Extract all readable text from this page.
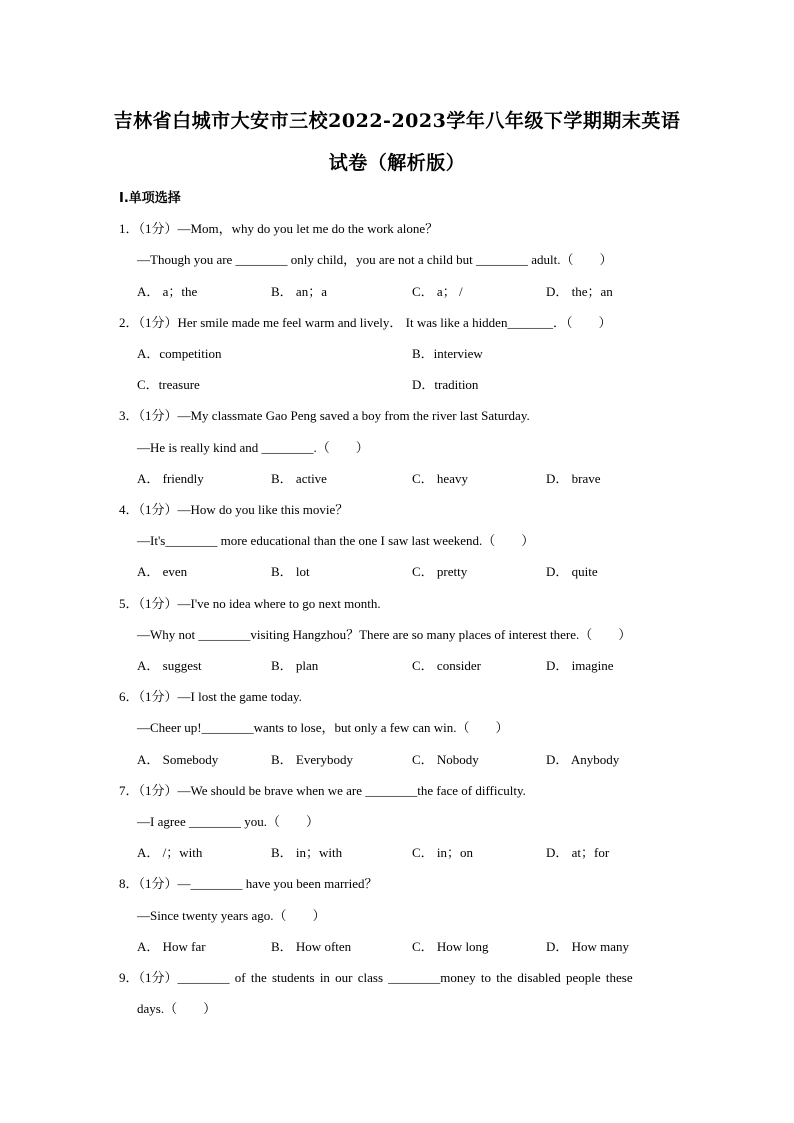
吉林省白城市大安市三校2022-2023学年八年级下学期期末英语
试卷（解析版）
I.单项选择
1．（1分）—Mom，why do you let me do the work alone？
—Though you are ________ only child，you are not a child but ________ adult.（　　）
A． a；the	B． an；a	C． a； /	D． the；an
2．（1分）Her smile made me feel warm and lively． It was like a hidden_______．（　　）
A．competition	B．interview
C．treasure	D．tradition
3．（1分）—My classmate Gao Peng saved a boy from the river last Saturday.
—He is really kind and ________.（　　）
A． friendly	B． active	C． heavy	D． brave
4．（1分）—How do you like this movie？
—It's________ more educational than the one I saw last weekend.（　　）
A． even	B． lot	C． pretty	D． quite
5．（1分）—I've no idea where to go next month.
—Why not ________visiting Hangzhou？There are so many places of interest there.（　　）
A． suggest	B． plan	C． consider	D． imagine
6．（1分）—I lost the game today.
—Cheer up!________wants to lose，but only a few can win.（　　）
A． Somebody	B． Everybody	C． Nobody	D． Anybody
7．（1分）—We should be brave when we are ________the face of difficulty.
—I agree ________ you.（　　）
A． /；with	B． in；with	C． in；on	D． at；for
8．（1分）—________ have you been married？
—Since twenty years ago.（　　）
A． How far	B． How often	C． How long	D． How many
9．（1分）________ of the students in our class ________money to the disabled people these
days.（　　）
